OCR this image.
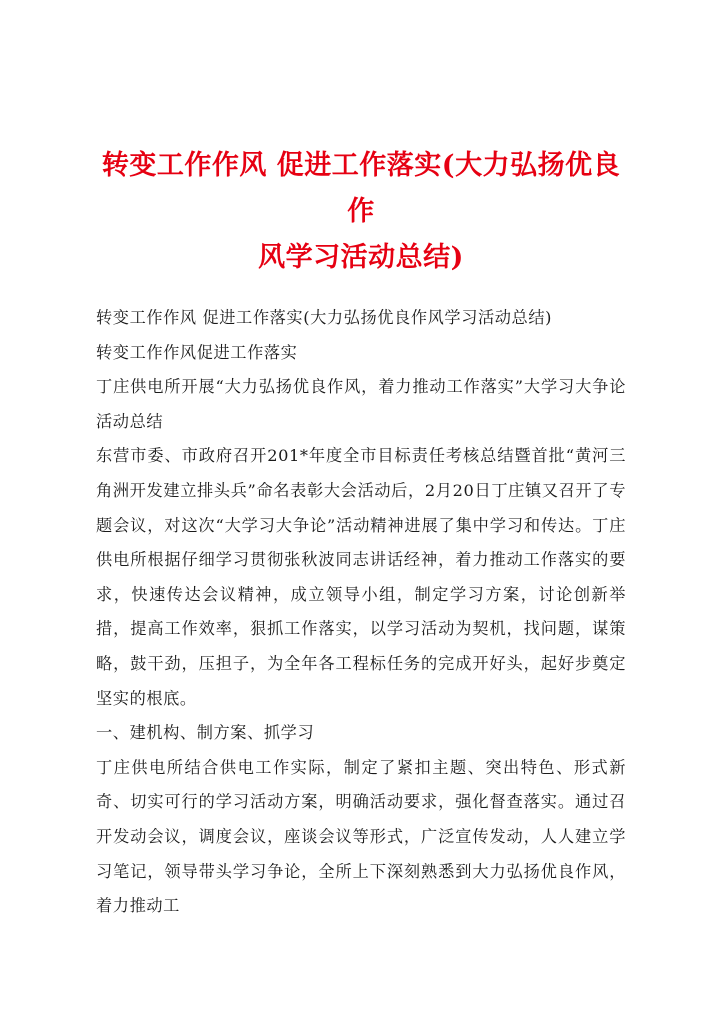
转变工作作风 促进工作落实(大力弘扬优良作
风学习活动总结)

转变工作作风 促进工作落实(大力弘扬优良作风学习活动总结)

转变工作作风促进工作落实

丁庄供电所开展“大力弘扬优良作风，着力推动工作落实”大学习大争论活动总结

东营市委、市政府召开201*年度全市目标责任考核总结暨首批“黄河三角洲开发建立排头兵”命名表彰大会活动后，2月20日丁庄镇又召开了专题会议，对这次“大学习大争论”活动精神进展了集中学习和传达。丁庄供电所根据仔细学习贯彻张秋波同志讲话经神，着力推动工作落实的要求，快速传达会议精神，成立领导小组，制定学习方案，讨论创新举措，提高工作效率，狠抓工作落实，以学习活动为契机，找问题，谋策略，鼓干劲，压担子，为全年各工程标任务的完成开好头，起好步奠定坚实的根底。

一、建机构、制方案、抓学习

丁庄供电所结合供电工作实际，制定了紧扣主题、突出特色、形式新奇、切实可行的学习活动方案，明确活动要求，强化督查落实。通过召开发动会议，调度会议，座谈会议等形式，广泛宣传发动，人人建立学习笔记，领导带头学习争论，全所上下深刻熟悉到大力弘扬优良作风，着力推动工
